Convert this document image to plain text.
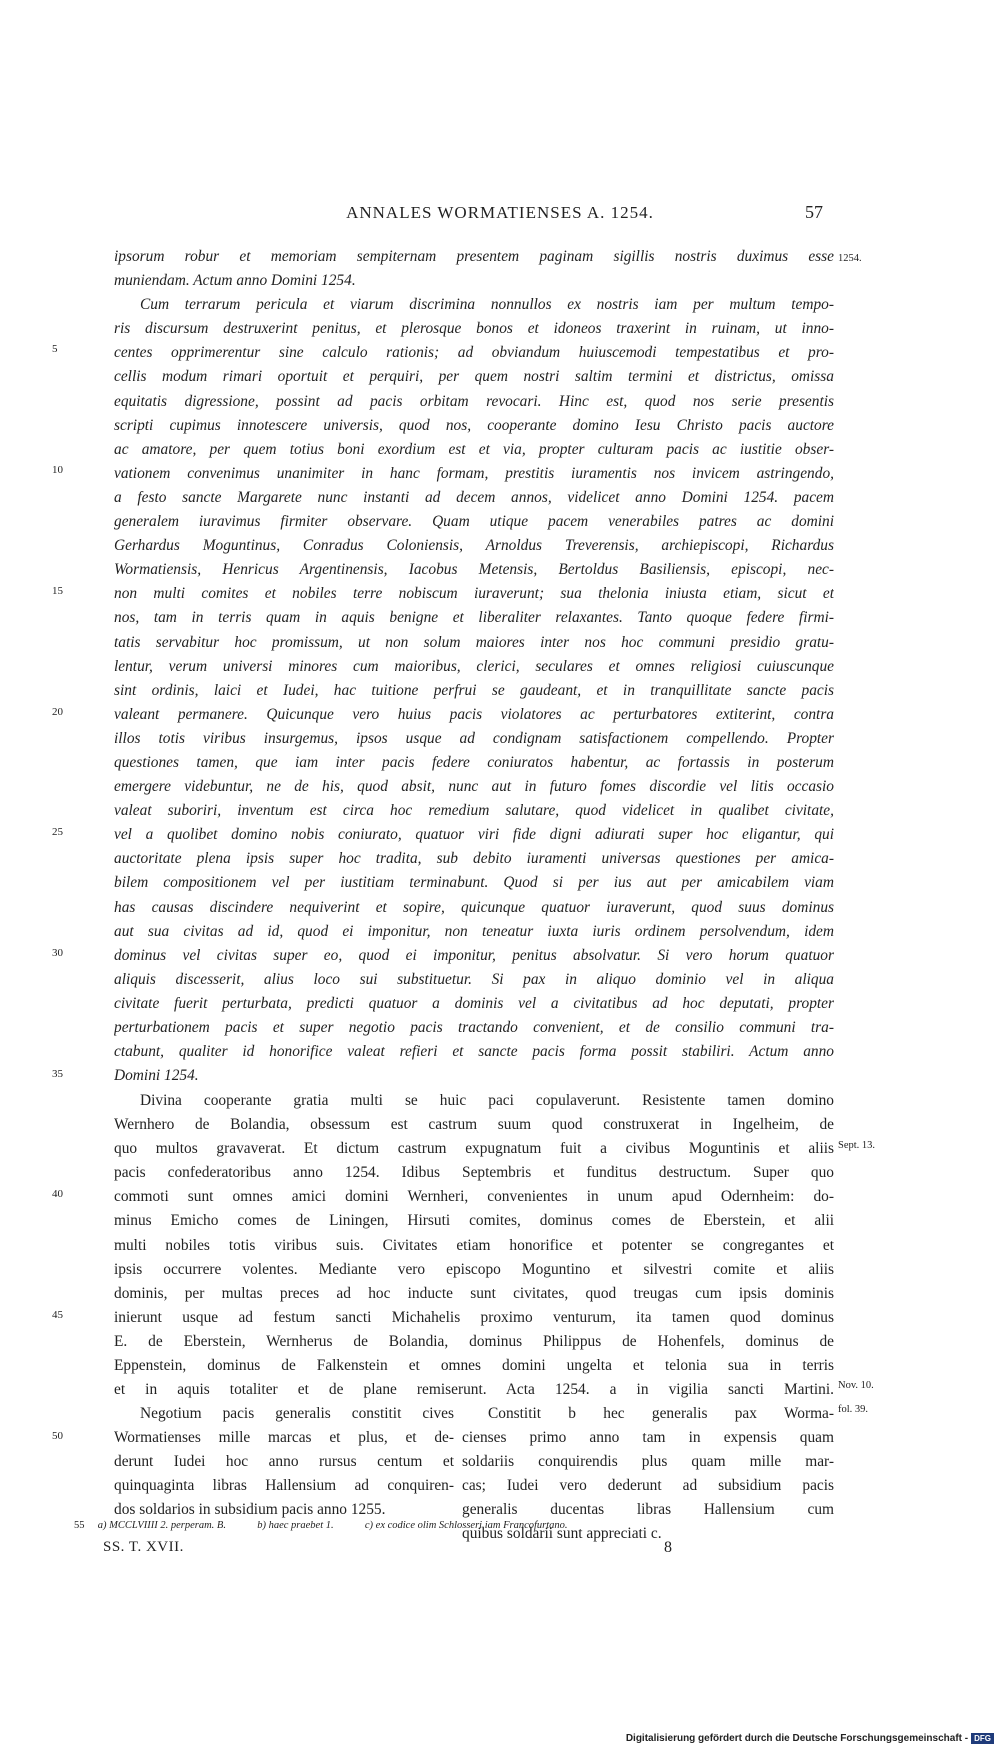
ANNALES WORMATIENSES A. 1254.	57
5
10
15
20
25
30
35
40
45
50
1254.
Sept. 13.
Nov. 10.
fol. 39.
ipsorum robur et memoriam sempiternam presentem paginam sigillis nostris duximus esse
muniendam. Actum anno Domini 1254.
Cum terrarum pericula et viarum discrimina nonnullos ex nostris iam per multum tempo-
ris discursum destruxerint penitus, et plerosque bonos et idoneos traxerint in ruinam, ut inno-
centes opprimerentur sine calculo rationis; ad obviandum huiuscemodi tempestatibus et pro-
cellis modum rimari oportuit et perquiri, per quem nostri saltim termini et districtus, omissa
equitatis digressione, possint ad pacis orbitam revocari. Hinc est, quod nos serie presentis
scripti cupimus innotescere universis, quod nos, cooperante domino Iesu Christo pacis auctore
ac amatore, per quem totius boni exordium est et via, propter culturam pacis ac iustitie obser-
vationem convenimus unanimiter in hanc formam, prestitis iuramentis nos invicem astringendo,
a festo sancte Margarete nunc instanti ad decem annos, videlicet anno Domini 1254. pacem
generalem iuravimus firmiter observare. Quam utique pacem venerabiles patres ac domini
Gerhardus Moguntinus, Conradus Coloniensis, Arnoldus Treverensis, archiepiscopi, Richardus
Wormatiensis, Henricus Argentinensis, Iacobus Metensis, Bertoldus Basiliensis, episcopi, nec-
non multi comites et nobiles terre nobiscum iuraverunt; sua thelonia iniusta etiam, sicut et
nos, tam in terris quam in aquis benigne et liberaliter relaxantes. Tanto quoque federe firmi-
tatis servabitur hoc promissum, ut non solum maiores inter nos hoc communi presidio gratu-
lentur, verum universi minores cum maioribus, clerici, seculares et omnes religiosi cuiuscunque
sint ordinis, laici et Iudei, hac tuitione perfrui se gaudeant, et in tranquillitate sancte pacis
valeant permanere. Quicunque vero huius pacis violatores ac perturbatores extiterint, contra
illos totis viribus insurgemus, ipsos usque ad condignam satisfactionem compellendo. Propter
questiones tamen, que iam inter pacis federe coniuratos habentur, ac fortassis in posterum
emergere videbuntur, ne de his, quod absit, nunc aut in futuro fomes discordie vel litis occasio
valeat suboriri, inventum est circa hoc remedium salutare, quod videlicet in qualibet civitate,
vel a quolibet domino nobis coniurato, quatuor viri fide digni adiurati super hoc eligantur, qui
auctoritate plena ipsis super hoc tradita, sub debito iuramenti universas questiones per amica-
bilem compositionem vel per iustitiam terminabunt. Quod si per ius aut per amicabilem viam
has causas discindere nequiverint et sopire, quicunque quatuor iuraverunt, quod suus dominus
aut sua civitas ad id, quod ei imponitur, non teneatur iuxta iuris ordinem persolvendum, idem
dominus vel civitas super eo, quod ei imponitur, penitus absolvatur. Si vero horum quatuor
aliquis discesserit, alius loco sui substituetur. Si pax in aliquo dominio vel in aliqua
civitate fuerit perturbata, predicti quatuor a dominis vel a civitatibus ad hoc deputati, propter
perturbationem pacis et super negotio pacis tractando convenient, et de consilio communi tra-
ctabunt, qualiter id honorifice valeat refieri et sancte pacis forma possit stabiliri. Actum anno
Domini 1254.
Divina cooperante gratia multi se huic paci copulaverunt. Resistente tamen domino
Wernhero de Bolandia, obsessum est castrum suum quod construxerat in Ingelheim, de
quo multos gravaverat. Et dictum castrum expugnatum fuit a civibus Moguntinis et aliis
pacis confederatoribus anno 1254. Idibus Septembris et funditus destructum. Super quo
commoti sunt omnes amici domini Wernheri, convenientes in unum apud Odernheim: do-
minus Emicho comes de Liningen, Hirsuti comites, dominus comes de Eberstein, et alii
multi nobiles totis viribus suis. Civitates etiam honorifice et potenter se congregantes et
ipsis occurrere volentes. Mediante vero episcopo Moguntino et silvestri comite et aliis
dominis, per multas preces ad hoc inducte sunt civitates, quod treugas cum ipsis dominis
inierunt usque ad festum sancti Michahelis proximo venturum, ita tamen quod dominus
E. de Eberstein, Wernherus de Bolandia, dominus Philippus de Hohenfels, dominus de
Eppenstein, dominus de Falkenstein et omnes domini ungelta et telonia sua in terris
et in aquis totaliter et de plane remiserunt. Acta 1254. a in vigilia sancti Martini.
Negotium pacis generalis constitit cives
Wormatienses mille marcas et plus, et de-
derunt Iudei hoc anno rursus centum et
quinquaginta libras Hallensium ad conquiren-
dos soldarios in subsidium pacis anno 1255.
Constitit b hec generalis pax Worma-
cienses primo anno tam in expensis quam
soldariis conquirendis plus quam mille mar-
cas; Iudei vero dederunt ad subsidium pacis
generalis ducentas libras Hallensium cum
quibus soldarii sunt appreciati c.
55 a) MCCLVIIII 2. perperam. B.	b) haec praebet 1.	c) ex codice olim Schlosseri iam Francofurtano.
SS. T. XVII.	8
Digitalisierung gefördert durch die Deutsche Forschungsgemeinschaft - DFG
